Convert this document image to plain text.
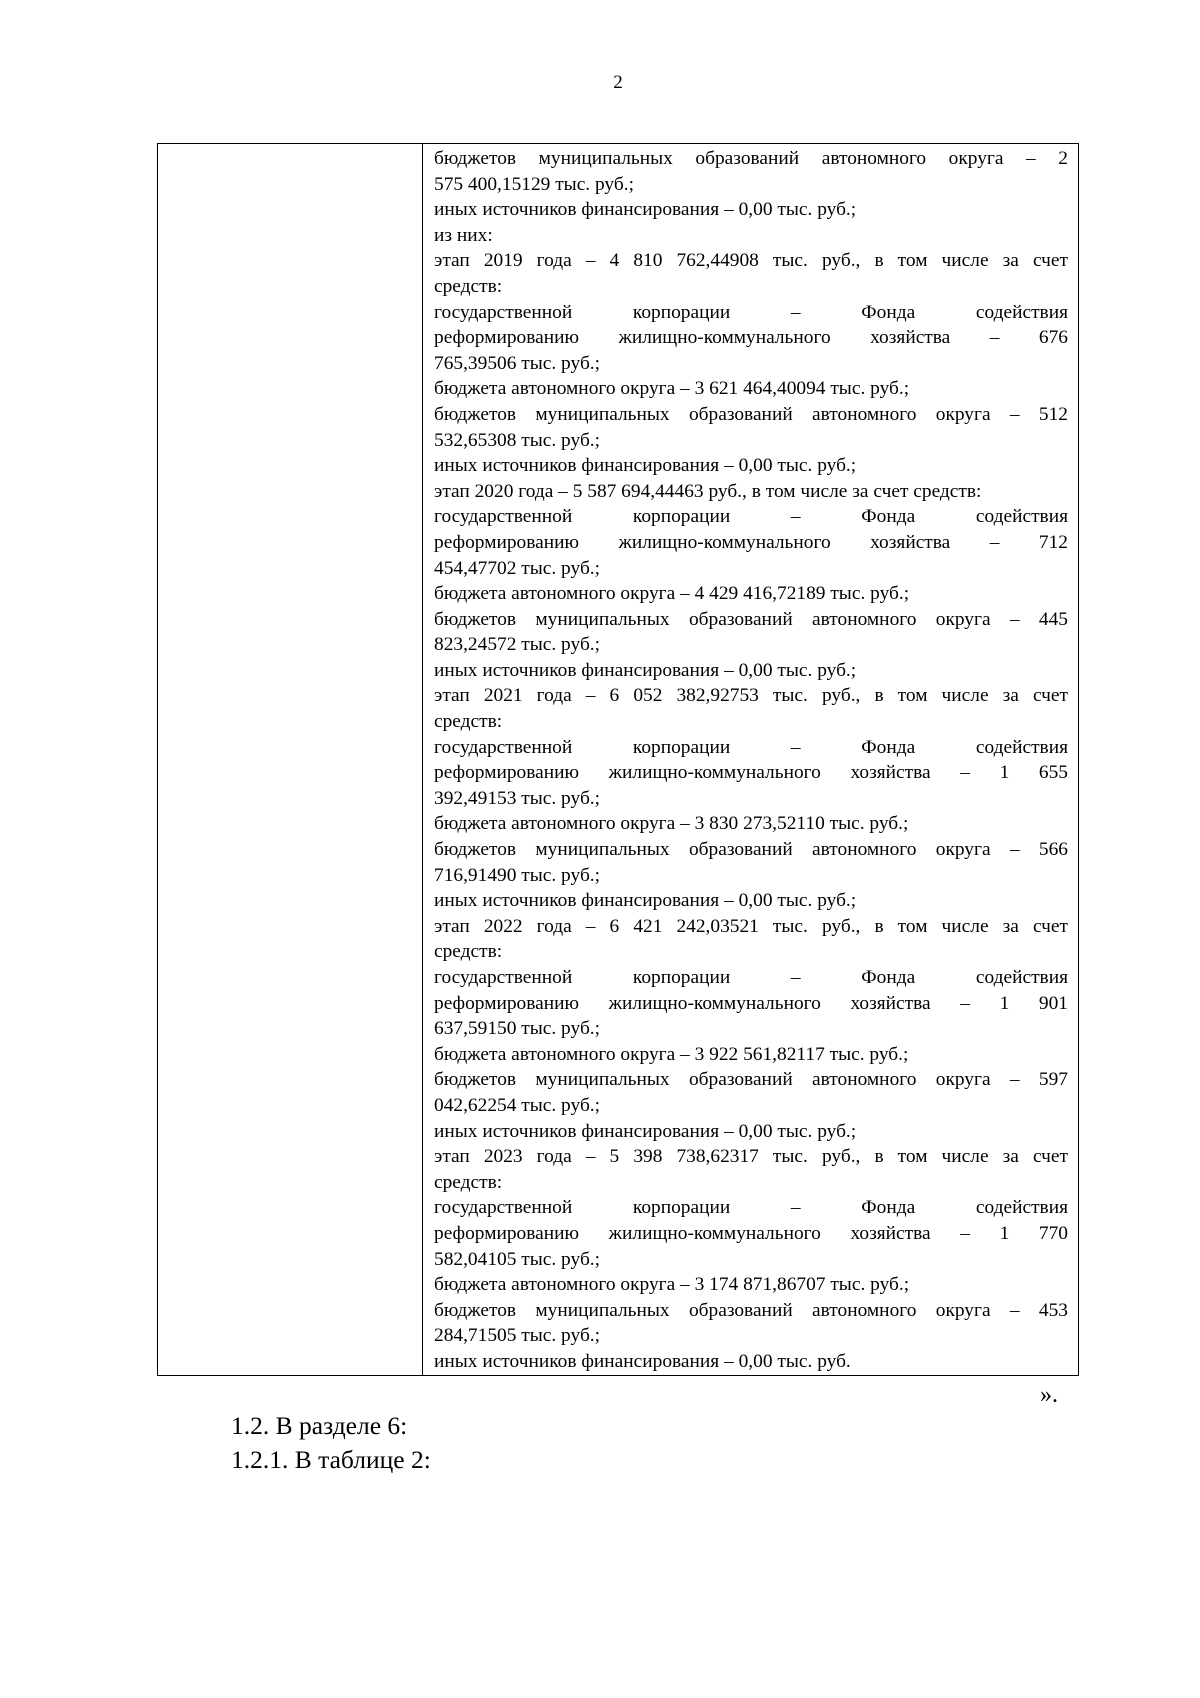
2

бюджетов муниципальных образований автономного округа – 2
575 400,15129 тыс. руб.;
иных источников финансирования – 0,00 тыс. руб.;
из них:
этап 2019 года – 4 810 762,44908 тыс. руб., в том числе за счет
средств:
государственной корпорации – Фонда содействия
реформированию жилищно-коммунального хозяйства – 676
765,39506 тыс. руб.;
бюджета автономного округа – 3 621 464,40094 тыс. руб.;
бюджетов муниципальных образований автономного округа – 512
532,65308 тыс. руб.;
иных источников финансирования – 0,00 тыс. руб.;
этап 2020 года – 5 587 694,44463 руб., в том числе за счет средств:
государственной корпорации – Фонда содействия
реформированию жилищно-коммунального хозяйства – 712
454,47702 тыс. руб.;
бюджета автономного округа – 4 429 416,72189 тыс. руб.;
бюджетов муниципальных образований автономного округа – 445
823,24572 тыс. руб.;
иных источников финансирования – 0,00 тыс. руб.;
этап 2021 года – 6 052 382,92753 тыс. руб., в том числе за счет
средств:
государственной корпорации – Фонда содействия
реформированию жилищно-коммунального хозяйства – 1 655
392,49153 тыс. руб.;
бюджета автономного округа – 3 830 273,52110 тыс. руб.;
бюджетов муниципальных образований автономного округа – 566
716,91490 тыс. руб.;
иных источников финансирования – 0,00 тыс. руб.;
этап 2022 года – 6 421 242,03521 тыс. руб., в том числе за счет
средств:
государственной корпорации – Фонда содействия
реформированию жилищно-коммунального хозяйства – 1 901
637,59150 тыс. руб.;
бюджета автономного округа – 3 922 561,82117 тыс. руб.;
бюджетов муниципальных образований автономного округа – 597
042,62254 тыс. руб.;
иных источников финансирования – 0,00 тыс. руб.;
этап 2023 года – 5 398 738,62317 тыс. руб., в том числе за счет
средств:
государственной корпорации – Фонда содействия
реформированию жилищно-коммунального хозяйства – 1 770
582,04105 тыс. руб.;
бюджета автономного округа – 3 174 871,86707 тыс. руб.;
бюджетов муниципальных образований автономного округа – 453
284,71505 тыс. руб.;
иных источников финансирования – 0,00 тыс. руб.
».
1.2. В разделе 6:
1.2.1. В таблице 2:
